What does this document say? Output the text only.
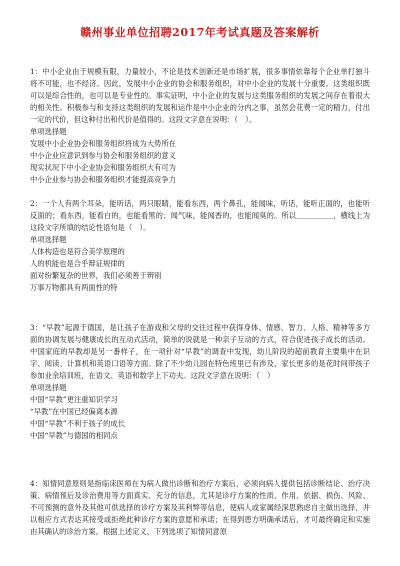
赣州事业单位招聘2017年考试真题及答案解析

1：中小企业由于规模有限，力量较小，不论是技术创新还是市场扩展，很多事情依靠每个企业单打独斗将不可能，也不经济。因此，发展中小企业的协会和服务组织，对中小企业的发展十分重要。这类组织既可以是综合性的，也可以是专业性的。事实证明，中小企业的发展与这类服务组织的发展之间存在着很大的相关性。积极参与和支持这类组织的发展和运作是中小企业的分内之事，虽然会花费一定的精力，付出一定的代价，但这种付出和代价是值得的。这段文字意在说明：（　）。

单项选择题
发展中小企业协会和服务组织将成为大势所在
中小企业应意识到参与协会和服务组织的意义
现实状况下中小企业协会和服务组织大有可为
中小企业参与协会和服务组织才能提高竞争力

2：一个人有两个耳朵，能听话，两只眼睛，能看东西，两个鼻孔，能闻味，听话，能听正面的，也能听反面的；看东西，能看白的，也能看黑的；闻气味，能闻香的，也能闻臭的。所以＿＿＿＿＿，横线上为这段文字所填的结论性语句是（　）。

单项选择题
人体构造也是符合美学原理的
人的机能也是合乎辩证规律的
面对纷繁复杂的世界，我们必须善于辨别
万事万物都具有两面性的特

3：“早教”起源于德国，是让孩子在游戏和父母的交往过程中获得身体、情感、智力、人格、精神等多方面的协调发展与健康成长的互动式活动，简单的说就是一种亲子互动的方式，符合促进孩子成长的活动。中国家庭的早教却是另一番样子，在一项针对“早教”的调查中发现，幼儿阶段的超前教育主要集中在识字、阅读、计算机和英语口语等方面。除了不少幼儿园在特色班里已有涉及，家长更多的是花时间带孩子参加业余培训班，在语文、英语和数学上下功夫。这段文字意在说明：（　）

单项选择题
中国“早教”更注重知识学习
“早教”在中国已经偏离本源
中国“早教”不利于孩子的成长
中国“早教”与德国的相同点

4：知情同意原则是指临床医师在为病人做出诊断和治疗方案后，必须向病人提供包括诊断结论、治疗决策、病情预后及诊治费用等方面真实、充分的信息，尤其是诊疗方案的性质、作用、依据、损伤、风险、不可预测的意外及其他可供选择的诊疗方案及其利弊等信息，使病人或家属经深思熟虑自主做出选择，并以相应方式表达其接受或拒绝此种诊疗方案的意愿和承诺；在得到患方明确承诺后，才可最终确定和实施由其确认的诊治方案。根据上述定义，下列选项了知情同意原
